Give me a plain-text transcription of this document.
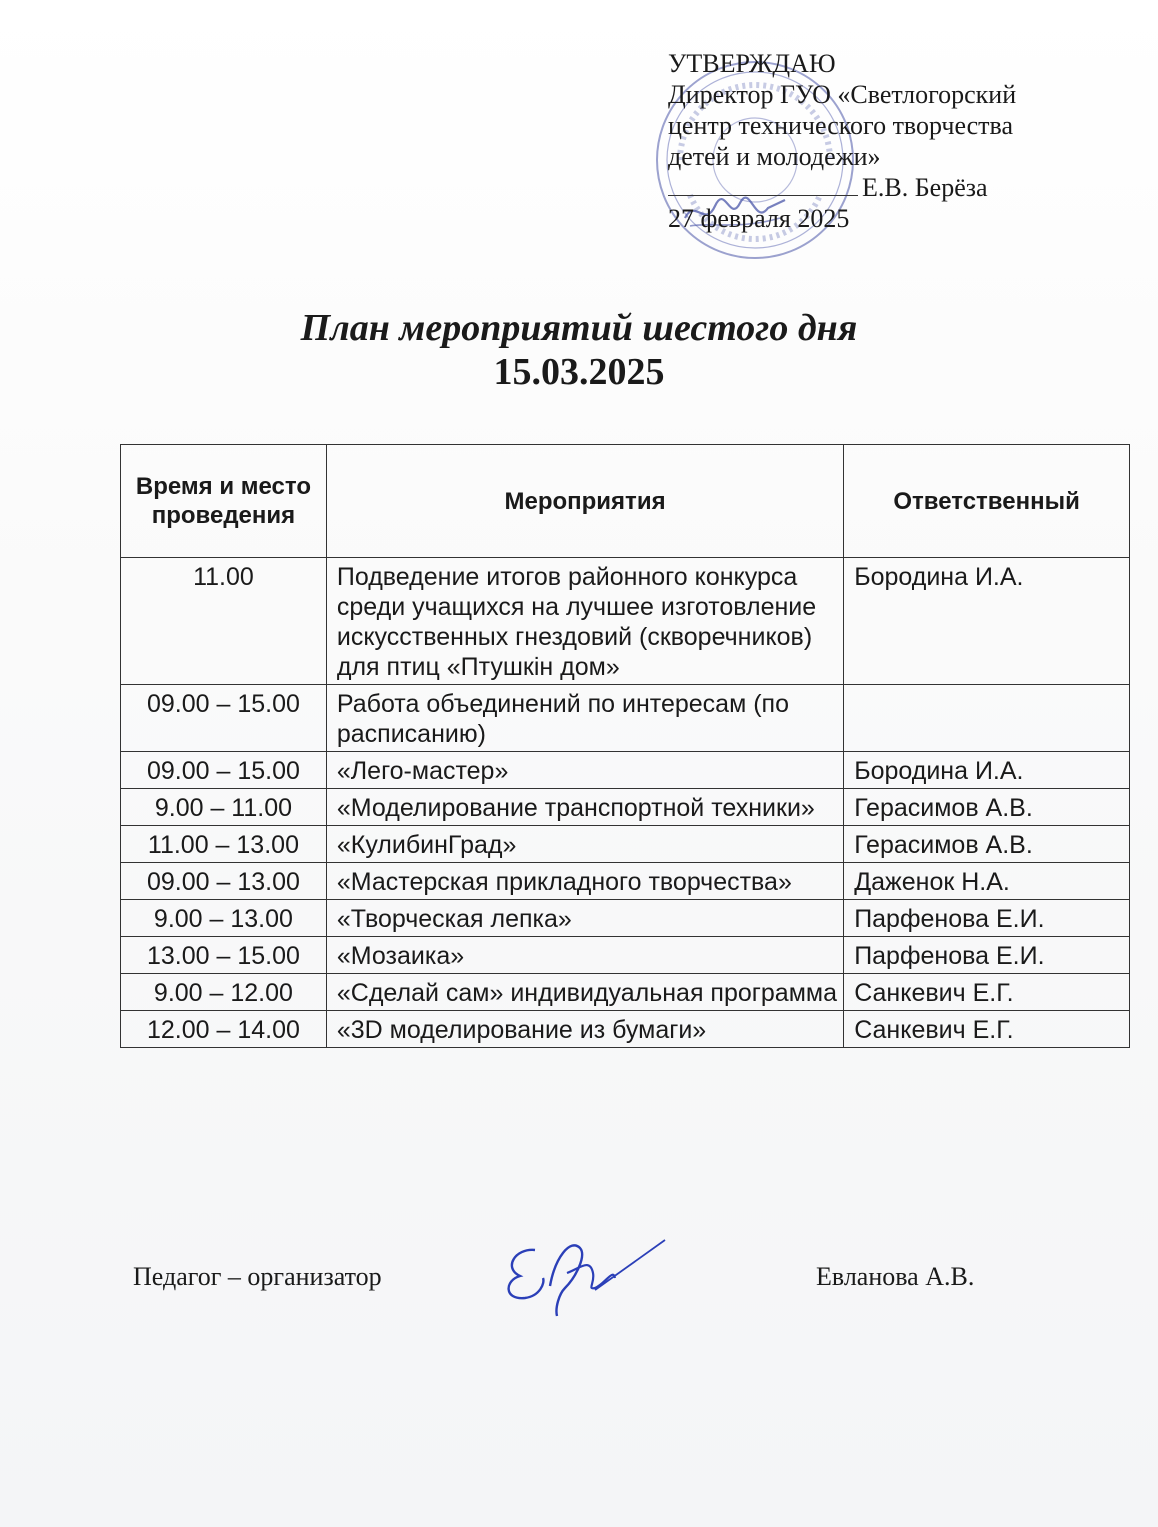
УТВЕРЖДАЮ
Директор ГУО «Светлогорский
центр технического творчества
детей и молодежи»
Е.В. Берёза
27 февраля 2025
План мероприятий шестого дня
15.03.2025
Время и место проведения	Мероприятия	Ответственный
11.00	Подведение итогов районного конкурса среди учащихся на лучшее изготовление искусственных гнездовий (скворечников) для птиц «Птушкін дом»	Бородина И.А.
09.00 – 15.00	Работа объединений по интересам (по расписанию)	
09.00 – 15.00	«Лего-мастер»	Бородина И.А.
9.00 – 11.00	«Моделирование транспортной техники»	Герасимов А.В.
11.00 – 13.00	«КулибинГрад»	Герасимов А.В.
09.00 – 13.00	«Мастерская прикладного творчества»	Даженок Н.А.
9.00 – 13.00	«Творческая лепка»	Парфенова Е.И.
13.00 – 15.00	«Мозаика»	Парфенова Е.И.
9.00 – 12.00	«Сделай сам» индивидуальная программа	Санкевич Е.Г.
12.00 – 14.00	«3D моделирование из бумаги»	Санкевич Е.Г.
Педагог – организатор	Евланова А.В.
